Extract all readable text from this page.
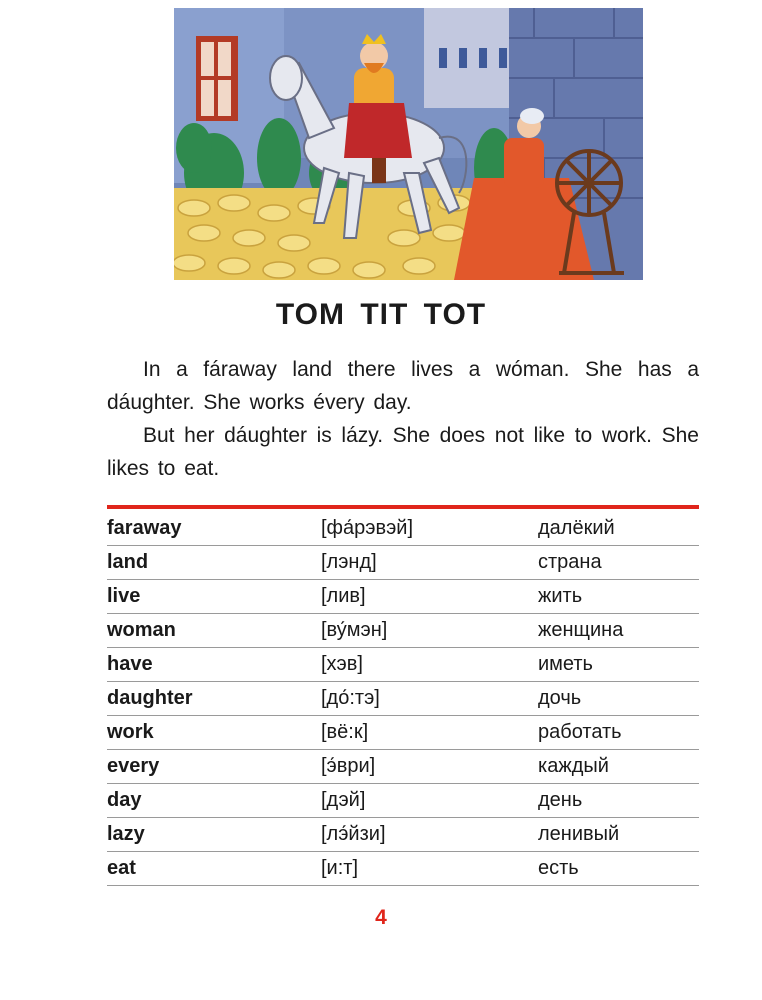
TOM TIT TOT

In a fáraway land there lives a wóman. She has a dáughter. She works évery day.

But her dáughter is lázy. She does not like to work. She likes to eat.

faraway	[фа́рэвэй]	далёкий
land	[лэнд]	страна
live	[лив]	жить
woman	[ву́мэн]	женщина
have	[хэв]	иметь
daughter	[до́:тэ]	дочь
work	[вё:к]	работать
every	[э́ври]	каждый
day	[дэй]	день
lazy	[лэ́йзи]	ленивый
eat	[и:т]	есть
4
